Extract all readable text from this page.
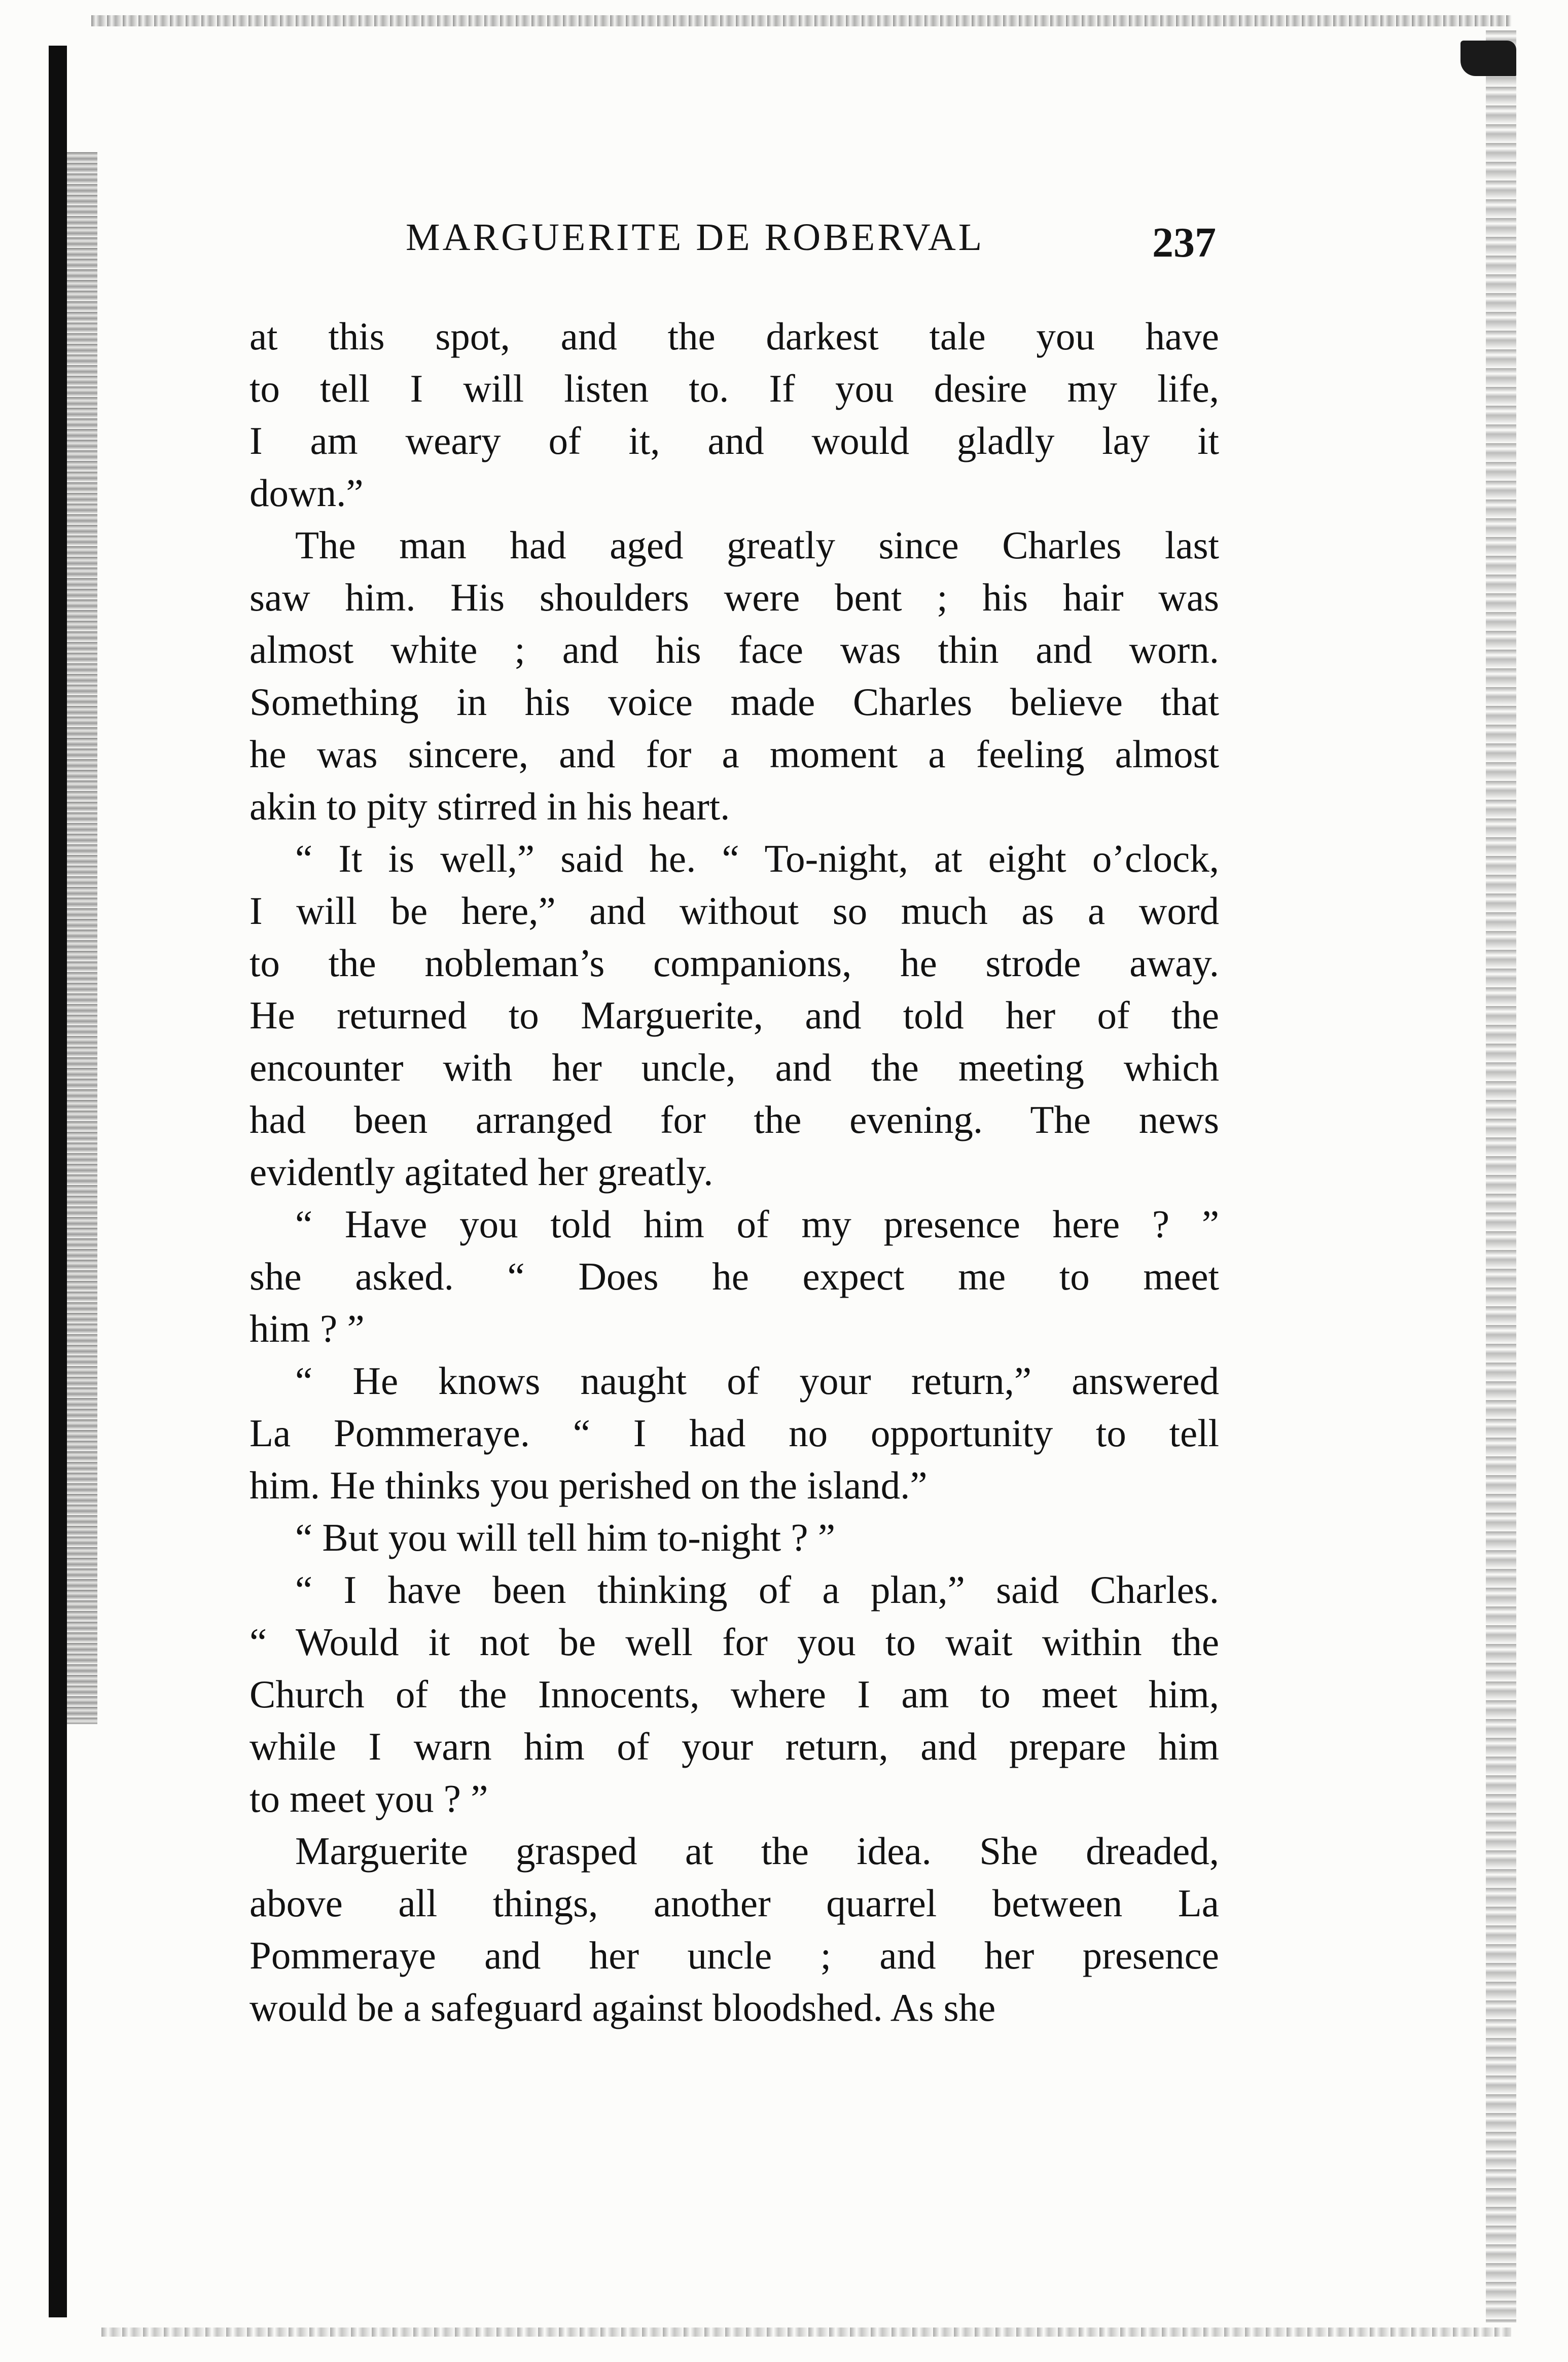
MARGUERITE DE ROBERVAL	237
at this spot, and the darkest tale you have
to tell I will listen to. If you desire my life,
I am weary of it, and would gladly lay it
down.”
The man had aged greatly since Charles last
saw him. His shoulders were bent ; his hair was
almost white ; and his face was thin and worn.
Something in his voice made Charles believe that
he was sincere, and for a moment a feeling almost
akin to pity stirred in his heart.
“ It is well,” said he. “ To-night, at eight o’clock,
I will be here,” and without so much as a word
to the nobleman’s companions, he strode away.
He returned to Marguerite, and told her of the
encounter with her uncle, and the meeting which
had been arranged for the evening. The news
evidently agitated her greatly.
“ Have you told him of my presence here ? ”
she asked. “ Does he expect me to meet
him ? ”
“ He knows naught of your return,” answered
La Pommeraye. “ I had no opportunity to tell
him. He thinks you perished on the island.”
“ But you will tell him to-night ? ”
“ I have been thinking of a plan,” said Charles.
“ Would it not be well for you to wait within the
Church of the Innocents, where I am to meet him,
while I warn him of your return, and prepare him
to meet you ? ”
Marguerite grasped at the idea. She dreaded,
above all things, another quarrel between La
Pommeraye and her uncle ; and her presence
would be a safeguard against bloodshed. As she
